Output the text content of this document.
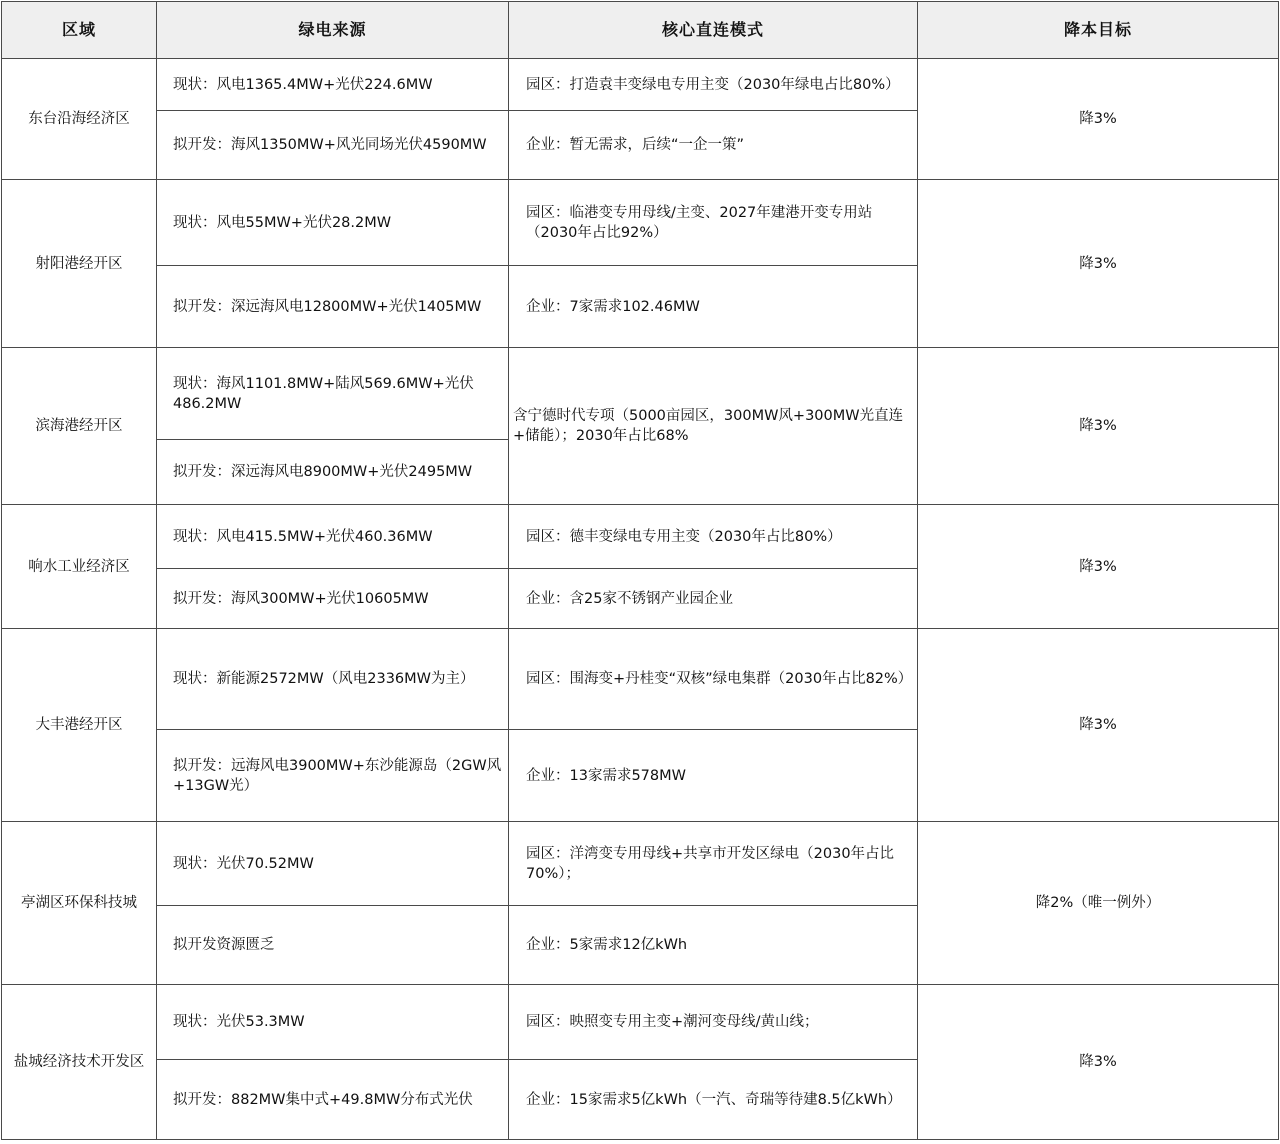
区域	绿电来源	核心直连模式	降本目标
东台沿海经济区	现状：风电1365.4MW+光伏224.6MW	园区：打造袁丰变绿电专用主变（2030年绿电占比80%）	降3%
	拟开发：海风1350MW+风光同场光伏4590MW	企业：暂无需求，后续“一企一策”	
射阳港经开区	现状：风电55MW+光伏28.2MW	园区：临港变专用母线/主变、2027年建港开变专用站（2030年占比92%）	降3%
	拟开发：深远海风电12800MW+光伏1405MW	企业：7家需求102.46MW	
滨海港经开区	现状：海风1101.8MW+陆风569.6MW+光伏486.2MW	含宁德时代专项（5000亩园区，300MW风+300MW光直连+储能）；2030年占比68%	降3%
	拟开发：深远海风电8900MW+光伏2495MW		
响水工业经济区	现状：风电415.5MW+光伏460.36MW	园区：德丰变绿电专用主变（2030年占比80%）	降3%
	拟开发：海风300MW+光伏10605MW	企业：含25家不锈钢产业园企业	
大丰港经开区	现状：新能源2572MW（风电2336MW为主）	园区：围海变+丹桂变“双核”绿电集群（2030年占比82%）	降3%
	拟开发：远海风电3900MW+东沙能源岛（2GW风+13GW光）	企业：13家需求578MW	
亭湖区环保科技城	现状：光伏70.52MW	园区：洋湾变专用母线+共享市开发区绿电（2030年占比70%）；	降2%（唯一例外）
	拟开发资源匮乏	企业：5家需求12亿kWh	
盐城经济技术开发区	现状：光伏53.3MW	园区：映照变专用主变+潮河变母线/黄山线；	降3%
	拟开发：882MW集中式+49.8MW分布式光伏	企业：15家需求5亿kWh（一汽、奇瑞等待建8.5亿kWh）	
